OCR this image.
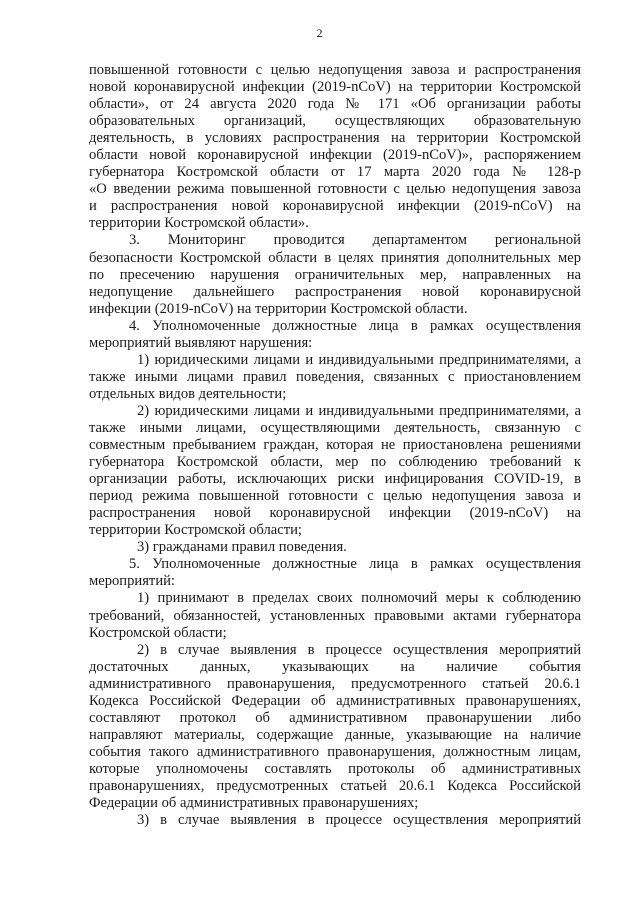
2

повышенной готовности с целью недопущения завоза и распространения

новой коронавирусной инфекции (2019-nCoV) на территории Костромской

области», от 24 августа 2020 года № 171 «Об организации работы

образовательных организаций, осуществляющих образовательную

деятельность, в условиях распространения на территории Костромской

области новой коронавирусной инфекции (2019-nCoV)», распоряжением

губернатора Костромской области от 17 марта 2020 года № 128-р

«О введении режима повышенной готовности с целью недопущения завоза

и распространения новой коронавирусной инфекции (2019-nCoV) на

территории Костромской области».

3. Мониторинг проводится департаментом региональной

безопасности Костромской области в целях принятия дополнительных мер

по пресечению нарушения ограничительных мер, направленных на

недопущение дальнейшего распространения новой коронавирусной

инфекции (2019-nCoV) на территории Костромской области.

4. Уполномоченные должностные лица в рамках осуществления

мероприятий выявляют нарушения:

1) юридическими лицами и индивидуальными предпринимателями, а

также иными лицами правил поведения, связанных с приостановлением

отдельных видов деятельности;

2) юридическими лицами и индивидуальными предпринимателями, а

также иными лицами, осуществляющими деятельность, связанную с

совместным пребыванием граждан, которая не приостановлена решениями

губернатора Костромской области, мер по соблюдению требований к

организации работы, исключающих риски инфицирования COVID-19, в

период режима повышенной готовности с целью недопущения завоза и

распространения новой коронавирусной инфекции (2019-nCoV) на

территории Костромской области;

3) гражданами правил поведения.

5. Уполномоченные должностные лица в рамках осуществления

мероприятий:

1) принимают в пределах своих полномочий меры к соблюдению

требований, обязанностей, установленных правовыми актами губернатора

Костромской области;

2) в случае выявления в процессе осуществления мероприятий

достаточных данных, указывающих на наличие события

административного правонарушения, предусмотренного статьей 20.6.1

Кодекса Российской Федерации об административных правонарушениях,

составляют протокол об административном правонарушении либо

направляют материалы, содержащие данные, указывающие на наличие

события такого административного правонарушения, должностным лицам,

которые уполномочены составлять протоколы об административных

правонарушениях, предусмотренных статьей 20.6.1 Кодекса Российской

Федерации об административных правонарушениях;

3) в случае выявления в процессе осуществления мероприятий
